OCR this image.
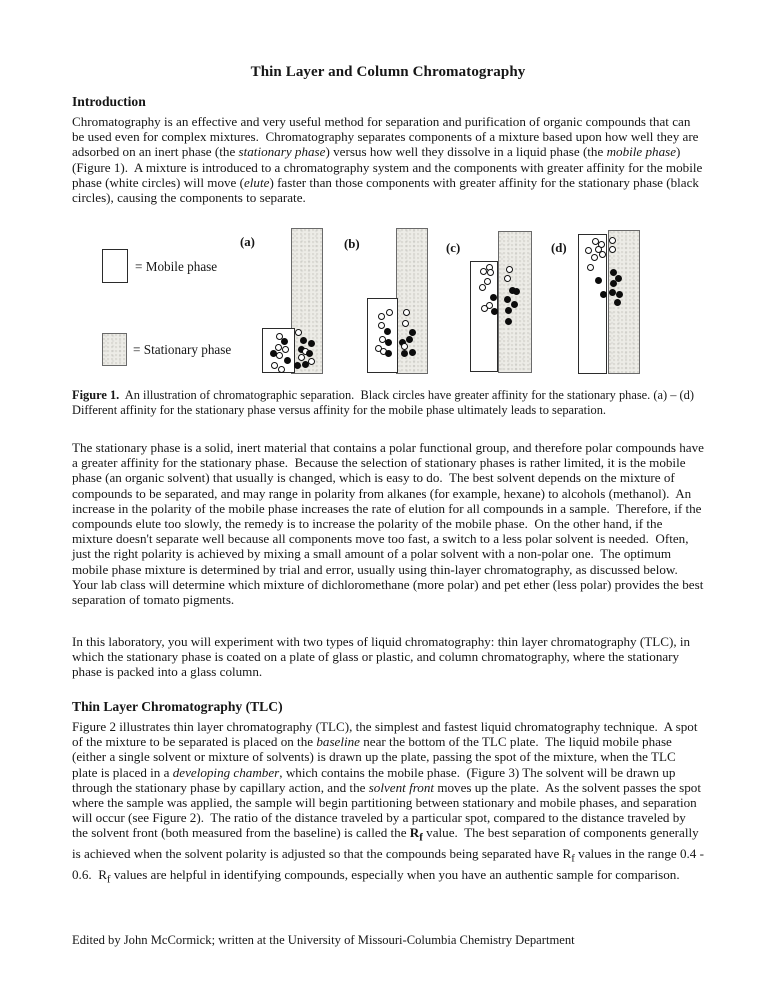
Thin Layer and Column Chromatography
Introduction
Chromatography is an effective and very useful method for separation and purification of organic compounds that can be used even for complex mixtures.  Chromatography separates components of a mixture based upon how well they are adsorbed on an inert phase (the stationary phase) versus how well they dissolve in a liquid phase (the mobile phase) (Figure 1).  A mixture is introduced to a chromatography system and the components with greater affinity for the mobile phase (white circles) will move (elute) faster than those components with greater affinity for the stationary phase (black circles), causing the components to separate.
= Mobile phase
= Stationary phase
(a)	(b)	(c)	(d)
Figure 1.  An illustration of chromatographic separation.  Black circles have greater affinity for the stationary phase. (a) – (d) Different affinity for the stationary phase versus affinity for the mobile phase ultimately leads to separation.
The stationary phase is a solid, inert material that contains a polar functional group, and therefore polar compounds have a greater affinity for the stationary phase.  Because the selection of stationary phases is rather limited, it is the mobile phase (an organic solvent) that usually is changed, which is easy to do.  The best solvent depends on the mixture of compounds to be separated, and may range in polarity from alkanes (for example, hexane) to alcohols (methanol).  An increase in the polarity of the mobile phase increases the rate of elution for all compounds in a sample.  Therefore, if the compounds elute too slowly, the remedy is to increase the polarity of the mobile phase.  On the other hand, if the mixture doesn't separate well because all components move too fast, a switch to a less polar solvent is needed.  Often, just the right polarity is achieved by mixing a small amount of a polar solvent with a non-polar one.  The optimum mobile phase mixture is determined by trial and error, usually using thin-layer chromatography, as discussed below.  Your lab class will determine which mixture of dichloromethane (more polar) and pet ether (less polar) provides the best separation of tomato pigments.
In this laboratory, you will experiment with two types of liquid chromatography: thin layer chromatography (TLC), in which the stationary phase is coated on a plate of glass or plastic, and column chromatography, where the stationary phase is packed into a glass column.
Thin Layer Chromatography (TLC)
Figure 2 illustrates thin layer chromatography (TLC), the simplest and fastest liquid chromatography technique.  A spot of the mixture to be separated is placed on the baseline near the bottom of the TLC plate.  The liquid mobile phase (either a single solvent or mixture of solvents) is drawn up the plate, passing the spot of the mixture, when the TLC plate is placed in a developing chamber, which contains the mobile phase.  (Figure 3) The solvent will be drawn up through the stationary phase by capillary action, and the solvent front moves up the plate.  As the solvent passes the spot where the sample was applied, the sample will begin partitioning between stationary and mobile phases, and separation will occur (see Figure 2).  The ratio of the distance traveled by a particular spot, compared to the distance traveled by the solvent front (both measured from the baseline) is called the $R_f$ value.  The best separation of components generally is achieved when the solvent polarity is adjusted so that the compounds being separated have $R_f$ values in the range 0.4 - 0.6.  $R_f$ values are helpful in identifying compounds, especially when you have an authentic sample for comparison.
Edited by John McCormick; written at the University of Missouri-Columbia Chemistry Department
